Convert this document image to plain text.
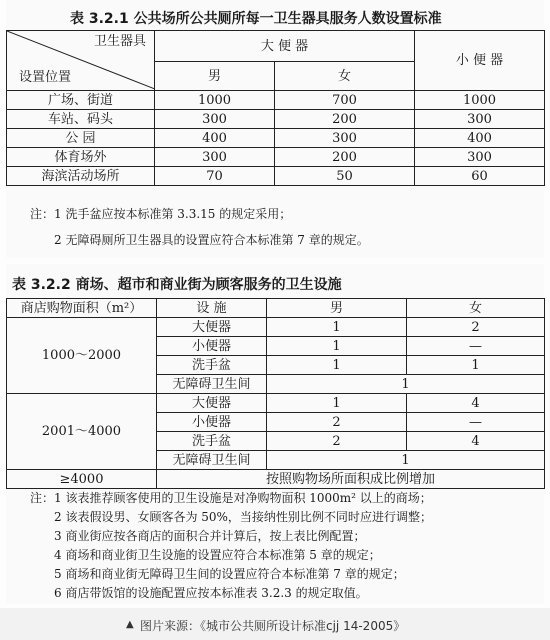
表 3.2.1 公共场所公共厕所每一卫生器具服务人数设置标准
卫生器具
设置位置	大 便 器		小 便 器
	男	女	
广场、街道	1000	700	1000
车站、码头	300	200	300
公 园	400	300	400
体育场外	300	200	300
海滨活动场所	70	50	60
注：1 洗手盆应按本标准第 3.3.15 的规定采用；
2 无障碍厕所卫生器具的设置应符合本标准第 7 章的规定。
表 3.2.2 商场、超市和商业街为顾客服务的卫生设施
商店购物面积（m²）	设 施	男	女
1000～2000	大便器	1	2
	小便器	1	—
	洗手盆	1	1
	无障碍卫生间	1	
2001～4000	大便器	1	4
	小便器	2	—
	洗手盆	2	4
	无障碍卫生间	1	
≥4000	按照购物场所面积成比例增加		
注：1 该表推荐顾客使用的卫生设施是对净购物面积 1000m² 以上的商场；
2 该表假设男、女顾客各为 50%，当接纳性别比例不同时应进行调整；
3 商业街应按各商店的面积合并计算后，按上表比例配置；
4 商场和商业街卫生设施的设置应符合本标准第 5 章的规定；
5 商场和商业街无障碍卫生间的设置应符合本标准第 7 章的规定；
6 商店带饭馆的设施配置应按本标准表 3.2.3 的规定取值。
▲ 图片来源：《城市公共厕所设计标准cjj 14-2005》
